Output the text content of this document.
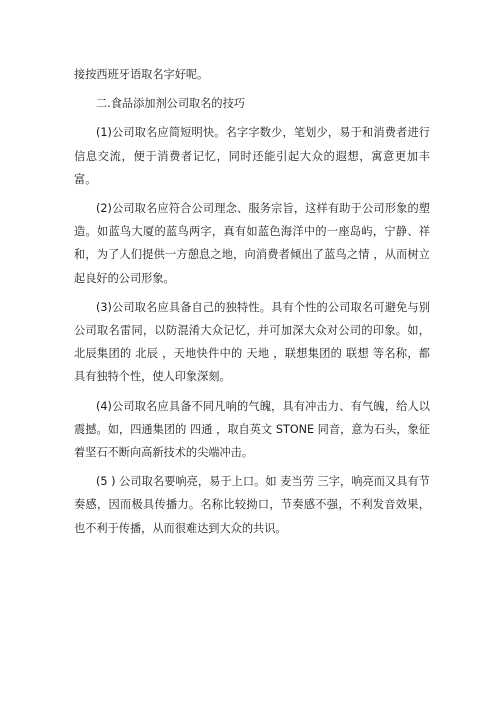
接按西班牙语取名字好呢。

二.食品添加剂公司取名的技巧

(1)公司取名应简短明快。名字字数少，笔划少，易于和消费者进行信息交流，便于消费者记忆，同时还能引起大众的遐想，寓意更加丰富。

(2)公司取名应符合公司理念、服务宗旨，这样有助于公司形象的塑造。如蓝鸟大厦的蓝鸟两字，真有如蓝色海洋中的一座岛屿，宁静、祥和，为了人们提供一方憩息之地，向消费者倾出了蓝鸟之情 ，从而树立起良好的公司形象。

(3)公司取名应具备自己的独特性。具有个性的公司取名可避免与别公司取名雷同，以防混淆大众记忆，并可加深大众对公司的印象。如，北辰集团的 北辰 ，天地快件中的 天地 ，联想集团的 联想 等名称，都具有独特个性，使人印象深刻。

(4)公司取名应具备不同凡响的气魄，具有冲击力、有气魄，给人以震撼。如，四通集团的 四通 ，取自英文 STONE 同音，意为石头，象征着坚石不断向高新技术的尖端冲击。

(5 ) 公司取名要响亮，易于上口。如 麦当劳 三字，响亮而又具有节奏感，因而极具传播力。名称比较拗口，节奏感不强，不利发音效果，也不利于传播，从而很难达到大众的共识。
